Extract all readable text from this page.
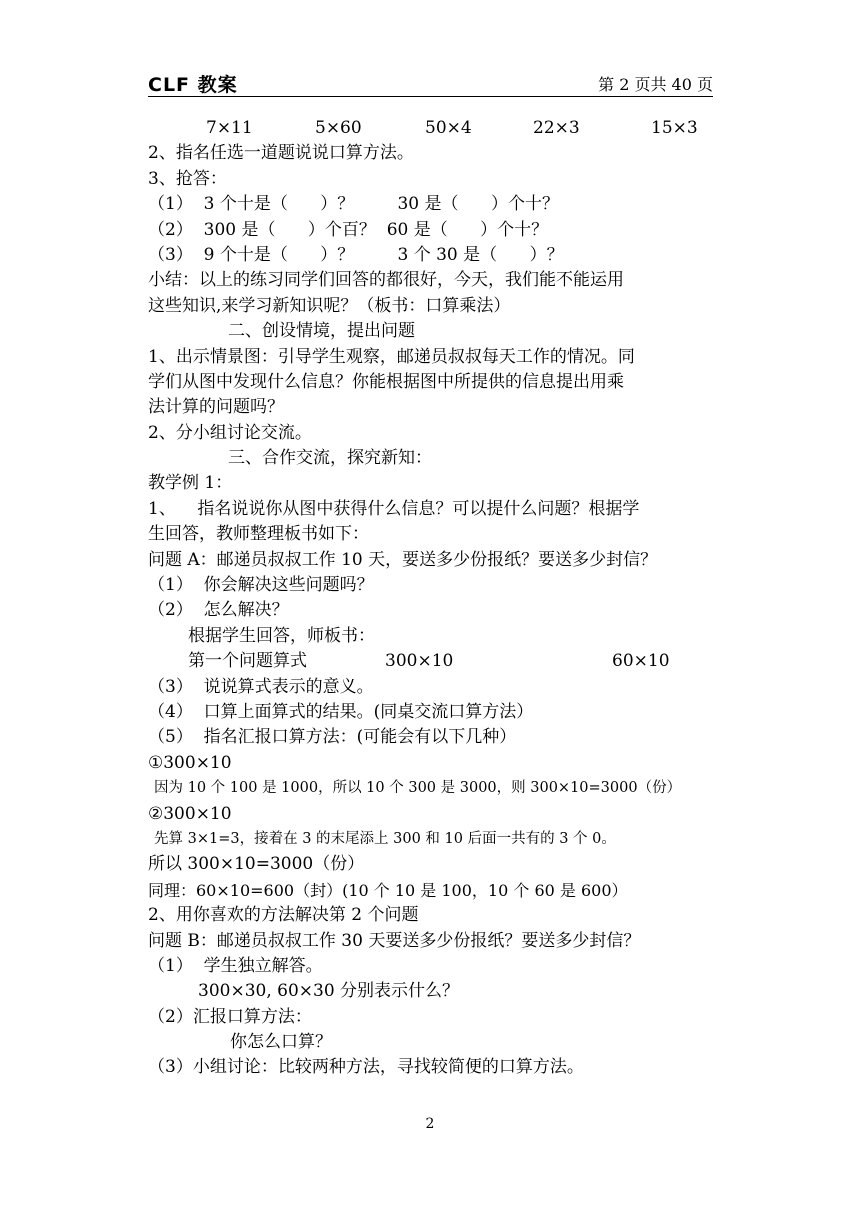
CLF 教案	第 2 页共 40 页
7×11	5×60	50×4	22×3	15×3
2、指名任选一道题说说口算方法。
3、抢答：
（1）  3 个十是（      ）？        30 是（      ）个十？
（2）  300 是（      ）个百？  60 是（      ）个十？
（3）  9 个十是（      ）？        3 个 30 是（      ）？
小结：以上的练习同学们回答的都很好，今天，我们能不能运用
这些知识,来学习新知识呢？（板书：口算乘法）
二、创设情境，提出问题
1、出示情景图：引导学生观察，邮递员叔叔每天工作的情况。同
学们从图中发现什么信息？你能根据图中所提供的信息提出用乘
法计算的问题吗？
2、分小组讨论交流。
三、合作交流，探究新知：
教学例 1：
1、    指名说说你从图中获得什么信息？可以提什么问题？根据学
生回答，教师整理板书如下：
问题 A：邮递员叔叔工作 10 天，要送多少份报纸？要送多少封信？
（1）  你会解决这些问题吗？
（2）  怎么解决？
根据学生回答，师板书：
第一个问题算式	300×10	60×10
（3）  说说算式表示的意义。
（4）  口算上面算式的结果。(同桌交流口算方法）
（5）  指名汇报口算方法：(可能会有以下几种）
①300×10
因为 10 个 100 是 1000，所以 10 个 300 是 3000，则 300×10=3000（份）
②300×10
先算 3×1=3，接着在 3 的末尾添上 300 和 10 后面一共有的 3 个 0。
所以 300×10=3000（份）
同理：60×10=600（封）(10 个 10 是 100，10 个 60 是 600）
2、用你喜欢的方法解决第 2 个问题
问题 B：邮递员叔叔工作 30 天要送多少份报纸？要送多少封信？
（1）  学生独立解答。
300×30, 60×30 分别表示什么？
（2）汇报口算方法：
你怎么口算？
（3）小组讨论：比较两种方法，寻找较简便的口算方法。
2
